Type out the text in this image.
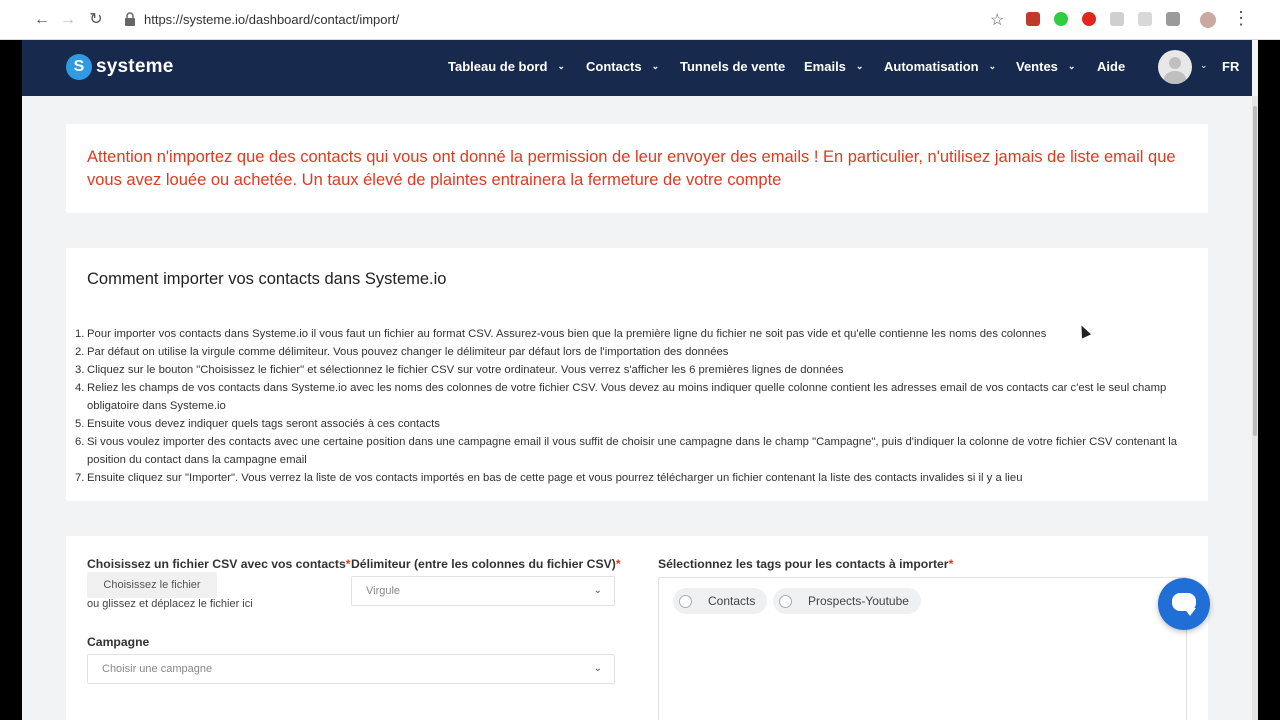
← → ↻	https://systeme.io/dashboard/contact/import/	☆	⋮
S
systeme	Tableau de bord ⌄ Contacts ⌄ Tunnels de vente Emails ⌄ Automatisation ⌄ Ventes ⌄ Aide	⌄ FR

Attention n'importez que des contacts qui vous ont donné la permission de leur envoyer des emails ! En particulier, n'utilisez jamais de liste email que vous avez louée ou achetée. Un taux élevé de plaintes entrainera la fermeture de votre compte

Comment importer vos contacts dans Systeme.io
1. Pour importer vos contacts dans Systeme.io il vous faut un fichier au format CSV. Assurez-vous bien que la première ligne du fichier ne soit pas vide et qu'elle contienne les noms des colonnes
2. Par défaut on utilise la virgule comme délimiteur. Vous pouvez changer le délimiteur par défaut lors de l'importation des données
3. Cliquez sur le bouton "Choisissez le fichier" et sélectionnez le fichier CSV sur votre ordinateur. Vous verrez s'afficher les 6 premières lignes de données
4. Reliez les champs de vos contacts dans Systeme.io avec les noms des colonnes de votre fichier CSV. Vous devez au moins indiquer quelle colonne contient les adresses email de vos contacts car c'est le seul champ obligatoire dans Systeme.io
5. Ensuite vous devez indiquer quels tags seront associés à ces contacts
6. Si vous voulez importer des contacts avec une certaine position dans une campagne email il vous suffit de choisir une campagne dans le champ "Campagne", puis d'indiquer la colonne de votre fichier CSV contenant la position du contact dans la campagne email
7. Ensuite cliquez sur "Importer". Vous verrez la liste de vos contacts importés en bas de cette page et vous pourrez télécharger un fichier contenant la liste des contacts invalides si il y a lieu
Choisissez un fichier CSV avec vos contacts*
Choisissez le fichier
ou glissez et déplacez le fichier ici
Délimiteur (entre les colonnes du fichier CSV)*
Virgule	⌄
Sélectionnez les tags pour les contacts à importer*
Contacts	Prospects-Youtube
Campagne
Choisir une campagne	⌄
